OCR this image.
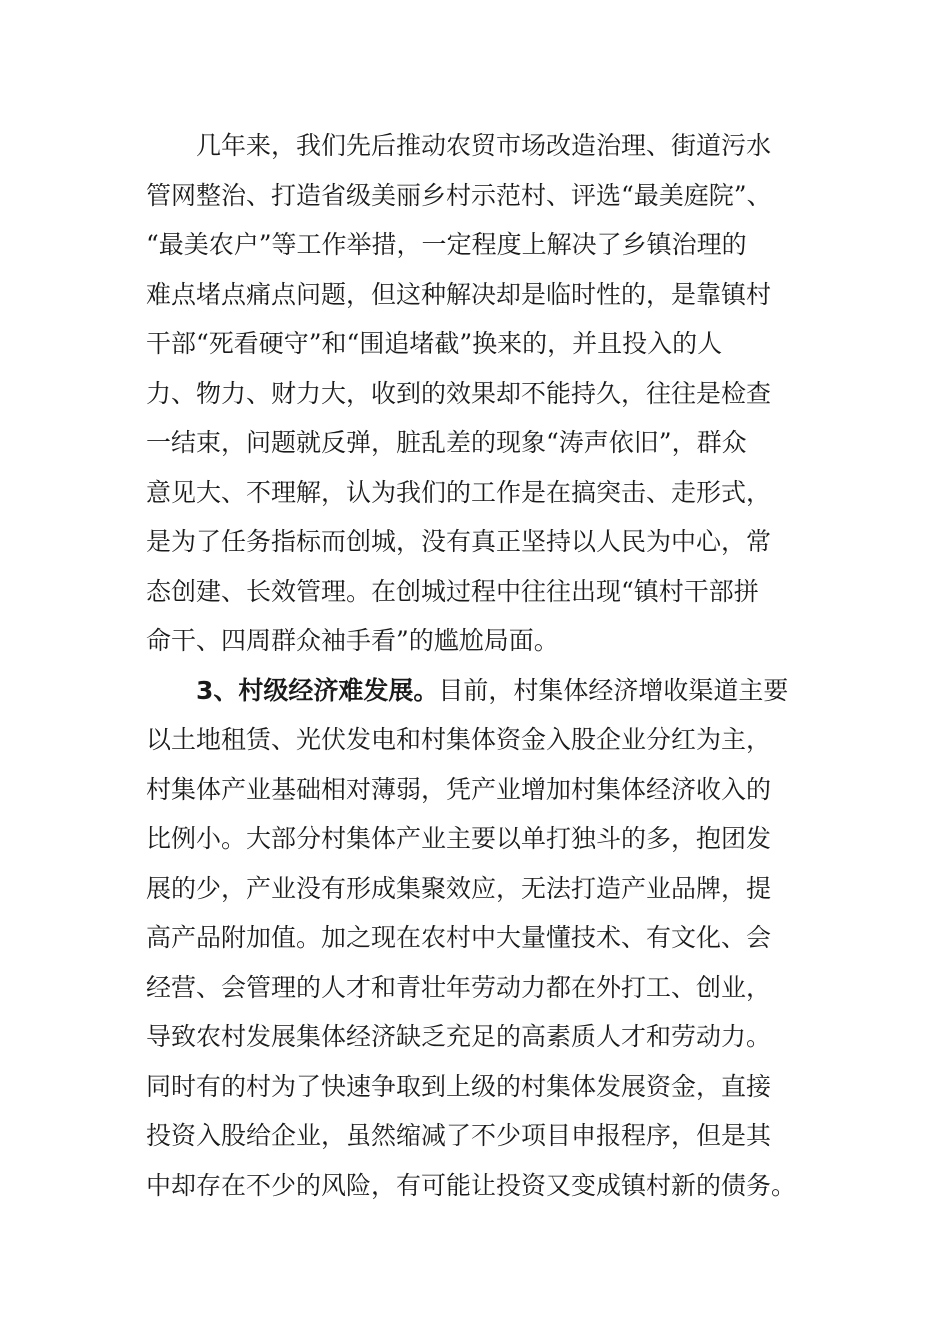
几年来，我们先后推动农贸市场改造治理、街道污水
管网整治、打造省级美丽乡村示范村、评选“最美庭院”、
“最美农户”等工作举措，一定程度上解决了乡镇治理的
难点堵点痛点问题，但这种解决却是临时性的，是靠镇村
干部“死看硬守”和“围追堵截”换来的，并且投入的人
力、物力、财力大，收到的效果却不能持久，往往是检查
一结束，问题就反弹，脏乱差的现象“涛声依旧”，群众
意见大、不理解，认为我们的工作是在搞突击、走形式，
是为了任务指标而创城，没有真正坚持以人民为中心，常
态创建、长效管理。在创城过程中往往出现“镇村干部拼
命干、四周群众袖手看”的尴尬局面。
3、村级经济难发展。目前，村集体经济增收渠道主要
以土地租赁、光伏发电和村集体资金入股企业分红为主，
村集体产业基础相对薄弱，凭产业增加村集体经济收入的
比例小。大部分村集体产业主要以单打独斗的多，抱团发
展的少，产业没有形成集聚效应，无法打造产业品牌，提
高产品附加值。加之现在农村中大量懂技术、有文化、会
经营、会管理的人才和青壮年劳动力都在外打工、创业，
导致农村发展集体经济缺乏充足的高素质人才和劳动力。
同时有的村为了快速争取到上级的村集体发展资金，直接
投资入股给企业，虽然缩减了不少项目申报程序，但是其
中却存在不少的风险，有可能让投资又变成镇村新的债务。
